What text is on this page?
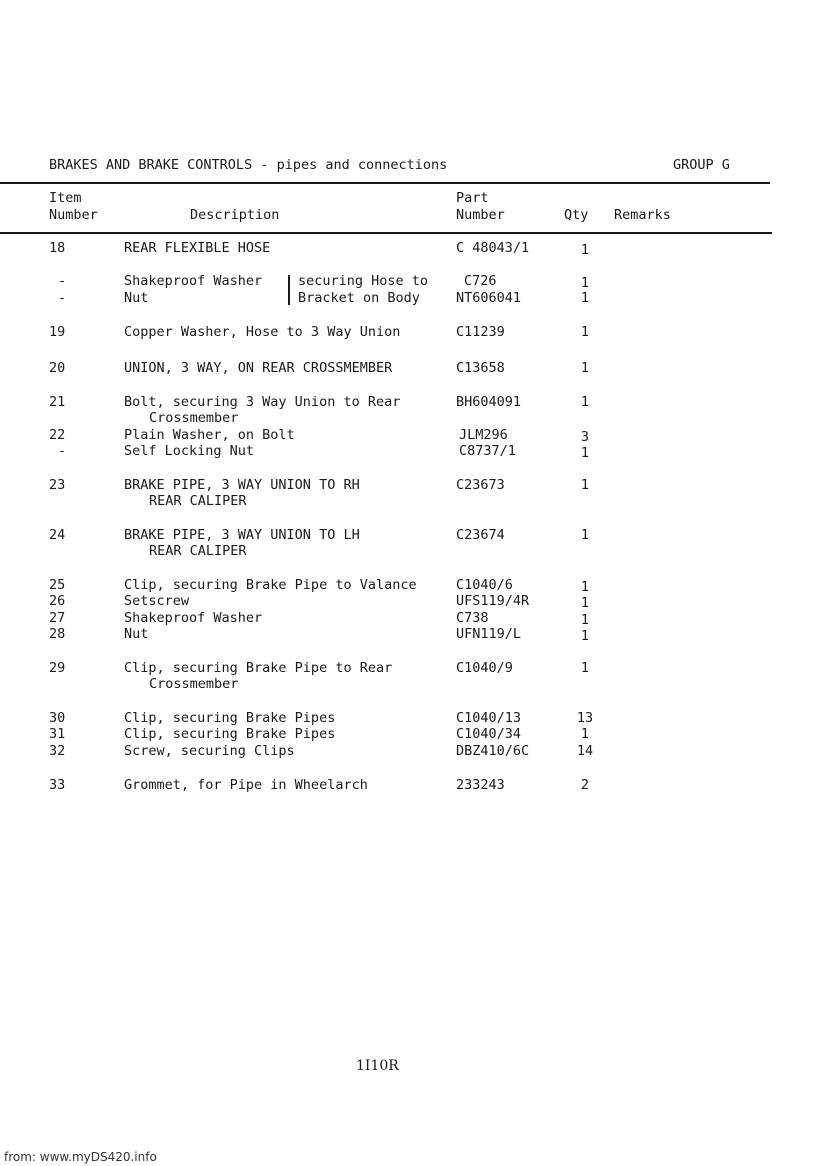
BRAKES AND BRAKE CONTROLS - pipes and connections	GROUP G
Item
Number	Description
Part
Number	Qty Remarks
18	REAR FLEXIBLE HOSE	C 48043/1	1
-	Shakeproof Washer	securing Hose to	C726	1
-	Nut	Bracket on Body	NT606041	1
19	Copper Washer, Hose to 3 Way Union	C11239	1
20	UNION, 3 WAY, ON REAR CROSSMEMBER	C13658	1
21	Bolt, securing 3 Way Union to Rear	BH604091	1
Crossmember
22	Plain Washer, on Bolt	JLM296	3
-	Self Locking Nut	C8737/1	1
23	BRAKE PIPE, 3 WAY UNION TO RH	C23673	1
REAR CALIPER
24	BRAKE PIPE, 3 WAY UNION TO LH	C23674	1
REAR CALIPER
25	Clip, securing Brake Pipe to Valance	C1040/6	1
26	Setscrew	UFS119/4R	1
27	Shakeproof Washer	C738	1
28	Nut	UFN119/L	1
29	Clip, securing Brake Pipe to Rear	C1040/9	1
Crossmember
30	Clip, securing Brake Pipes	C1040/13	13
31	Clip, securing Brake Pipes	C1040/34	1
32	Screw, securing Clips	DBZ410/6C	14
33	Grommet, for Pipe in Wheelarch	233243	2
1I10R
from: www.myDS420.info
